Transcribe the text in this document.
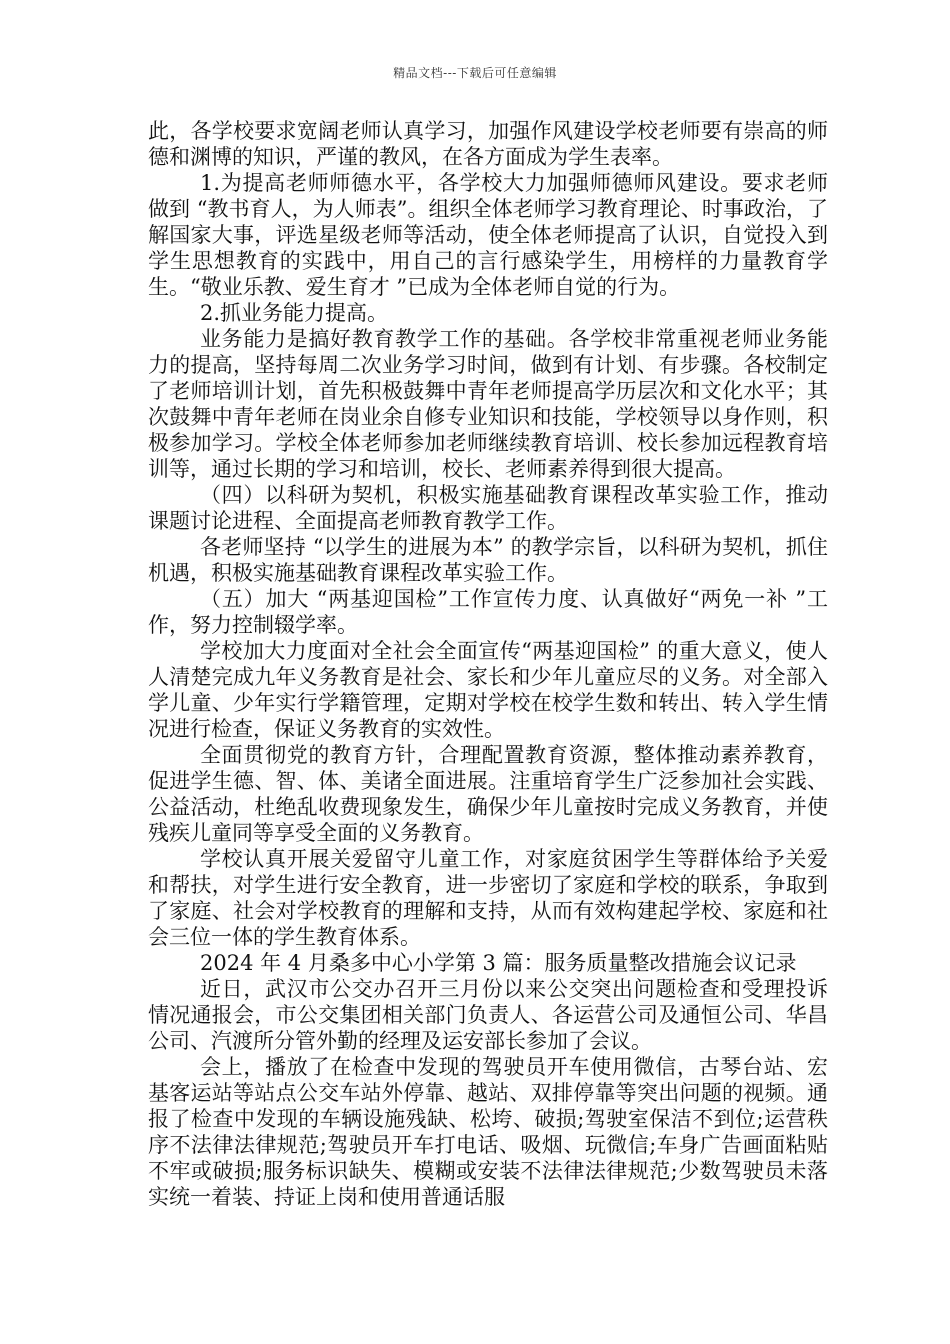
精品文档---下载后可任意编辑

此，各学校要求宽阔老师认真学习，加强作风建设学校老师要有崇高的师德和渊博的知识，严谨的教风，在各方面成为学生表率。

1.为提高老师师德水平，各学校大力加强师德师风建设。要求老师做到 “教书育人，为人师表”。组织全体老师学习教育理论、时事政治，了解国家大事，评选星级老师等活动，使全体老师提高了认识，自觉投入到学生思想教育的实践中，用自己的言行感染学生，用榜样的力量教育学生。“敬业乐教、爱生育才 ”已成为全体老师自觉的行为。

2.抓业务能力提高。

业务能力是搞好教育教学工作的基础。各学校非常重视老师业务能力的提高，坚持每周二次业务学习时间，做到有计划、有步骤。各校制定了老师培训计划，首先积极鼓舞中青年老师提高学历层次和文化水平；其次鼓舞中青年老师在岗业余自修专业知识和技能，学校领导以身作则，积极参加学习。学校全体老师参加老师继续教育培训、校长参加远程教育培训等，通过长期的学习和培训，校长、老师素养得到很大提高。

（四）以科研为契机，积极实施基础教育课程改革实验工作，推动课题讨论进程、全面提高老师教育教学工作。

各老师坚持 “以学生的进展为本” 的教学宗旨，以科研为契机，抓住机遇，积极实施基础教育课程改革实验工作。

（五）加大 “两基迎国检”工作宣传力度、认真做好“两免一补 ”工作，努力控制辍学率。

学校加大力度面对全社会全面宣传“两基迎国检” 的重大意义，使人人清楚完成九年义务教育是社会、家长和少年儿童应尽的义务。对全部入学儿童、少年实行学籍管理，定期对学校在校学生数和转出、转入学生情况进行检查，保证义务教育的实效性。

全面贯彻党的教育方针，合理配置教育资源，整体推动素养教育，促进学生德、智、体、美诸全面进展。注重培育学生广泛参加社会实践、公益活动，杜绝乱收费现象发生，确保少年儿童按时完成义务教育，并使残疾儿童同等享受全面的义务教育。

学校认真开展关爱留守儿童工作，对家庭贫困学生等群体给予关爱和帮扶，对学生进行安全教育，进一步密切了家庭和学校的联系，争取到了家庭、社会对学校教育的理解和支持，从而有效构建起学校、家庭和社会三位一体的学生教育体系。

2024 年 4 月桑多中心小学第 3 篇：服务质量整改措施会议记录

近日，武汉市公交办召开三月份以来公交突出问题检查和受理投诉情况通报会，市公交集团相关部门负责人、各运营公司及通恒公司、华昌公司、汽渡所分管外勤的经理及运安部长参加了会议。

会上，播放了在检查中发现的驾驶员开车使用微信，古琴台站、宏基客运站等站点公交车站外停靠、越站、双排停靠等突出问题的视频。通报了检查中发现的车辆设施残缺、松垮、破损;驾驶室保洁不到位;运营秩序不法律法律规范;驾驶员开车打电话、吸烟、玩微信;车身广告画面粘贴不牢或破损;服务标识缺失、模糊或安装不法律法律规范;少数驾驶员未落实统一着装、持证上岗和使用普通话服
